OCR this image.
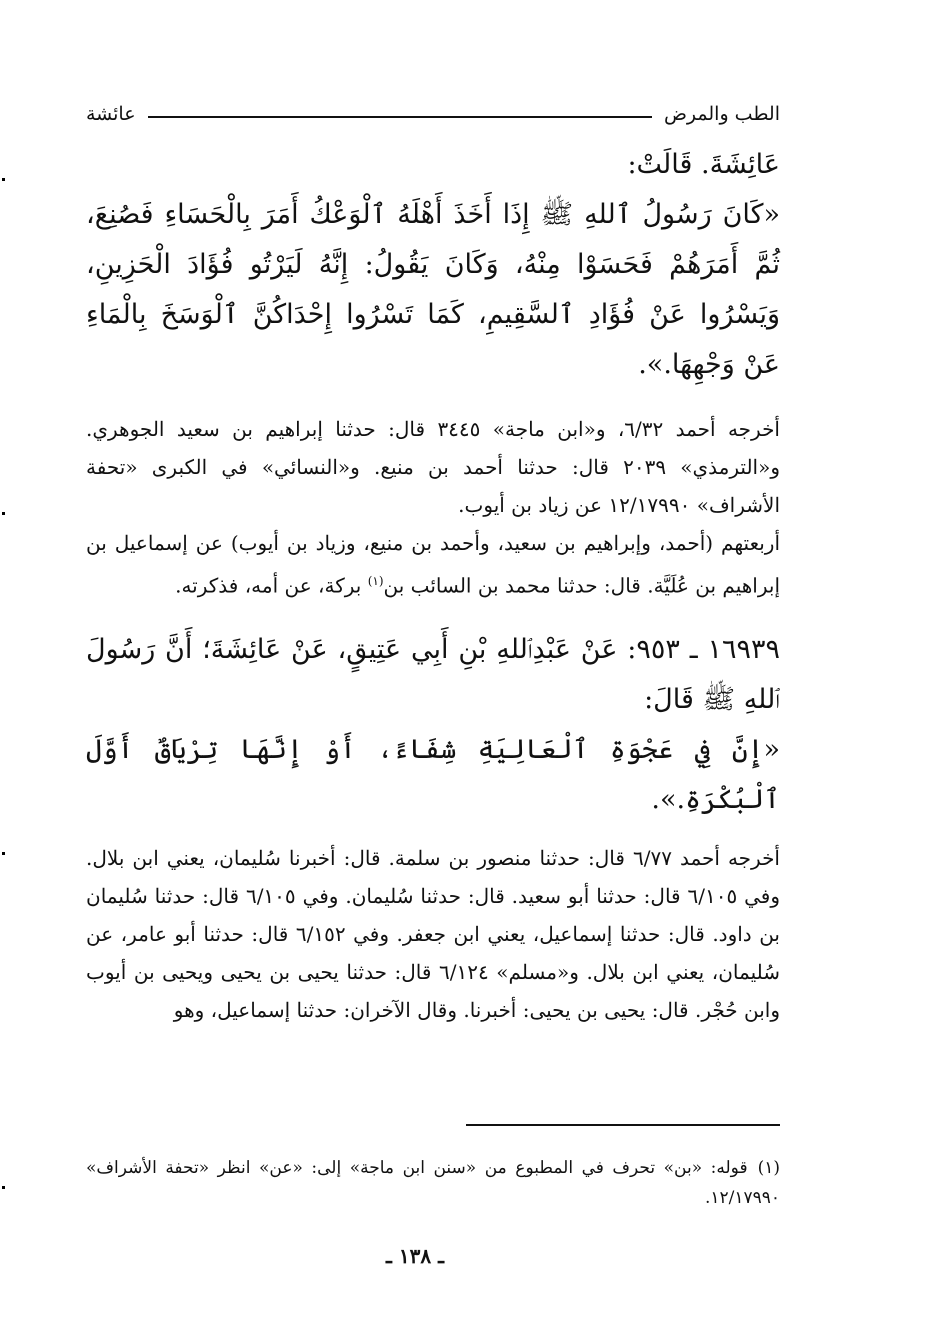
الطب والمرض
عائشة

عَائِشَةَ. قَالَتْ:

«كَانَ رَسُولُ ٱللهِ ﷺ إِذَا أَخَذَ أَهْلَهُ ٱلْوَعْكُ أَمَرَ بِالْحَسَاءِ فَصُنِعَ، ثُمَّ أَمَرَهُمْ فَحَسَوْا مِنْهُ، وَكَانَ يَقُولُ: إِنَّهُ لَيَرْتُو فُؤَادَ الْحَزِينِ، وَيَسْرُوا عَنْ فُؤَادِ ٱلسَّقِيمِ، كَمَا تَسْرُوا إِحْدَاكُنَّ ٱلْوَسَخَ بِالْمَاءِ عَنْ وَجْهِهَا.».

أخرجه أحمد ٦/٣٢، و«ابن ماجة» ٣٤٤٥ قال: حدثنا إبراهيم بن سعيد الجوهري. و«الترمذي» ٢٠٣٩ قال: حدثنا أحمد بن منيع. و«النسائي» في الكبرى «تحفة الأشراف» ١٢/١٧٩٩٠ عن زياد بن أيوب.

أربعتهم (أحمد، وإبراهيم بن سعيد، وأحمد بن منيع، وزياد بن أيوب) عن إسماعيل بن إبراهيم بن عُلَيَّة. قال: حدثنا محمد بن السائب بن$^{(١)}$ بركة، عن أمه، فذكرته.

١٦٩٣٩ ـ ٩٥٣: عَنْ عَبْدِٱللهِ بْنِ أَبِي عَتِيقٍ، عَنْ عَائِشَةَ؛ أَنَّ رَسُولَ ٱللهِ ﷺ قَالَ:

«إِنَّ فِي عَجْوَةِ ٱلْعَالِيَةِ شِفَاءً، أَوْ إِنَّهَا تِرْيَاقٌ أَوَّلَ ٱلْبُكْرَةِ.».

أخرجه أحمد ٦/٧٧ قال: حدثنا منصور بن سلمة. قال: أخبرنا سُليمان، يعني ابن بلال. وفي ٦/١٠٥ قال: حدثنا أبو سعيد. قال: حدثنا سُليمان. وفي ٦/١٠٥ قال: حدثنا سُليمان بن داود. قال: حدثنا إسماعيل، يعني ابن جعفر. وفي ٦/١٥٢ قال: حدثنا أبو عامر، عن سُليمان، يعني ابن بلال. و«مسلم» ٦/١٢٤ قال: حدثنا يحيى بن يحيى ويحيى بن أيوب وابن حُجْر. قال: يحيى بن يحيى: أخبرنا. وقال الآخران: حدثنا إسماعيل، وهو

(١)قوله: «بن» تحرف في المطبوع من «سنن ابن ماجة» إلى: «عن» انظر «تحفة الأشراف» ١٢/١٧٩٩٠.
ـ ١٣٨ ـ
